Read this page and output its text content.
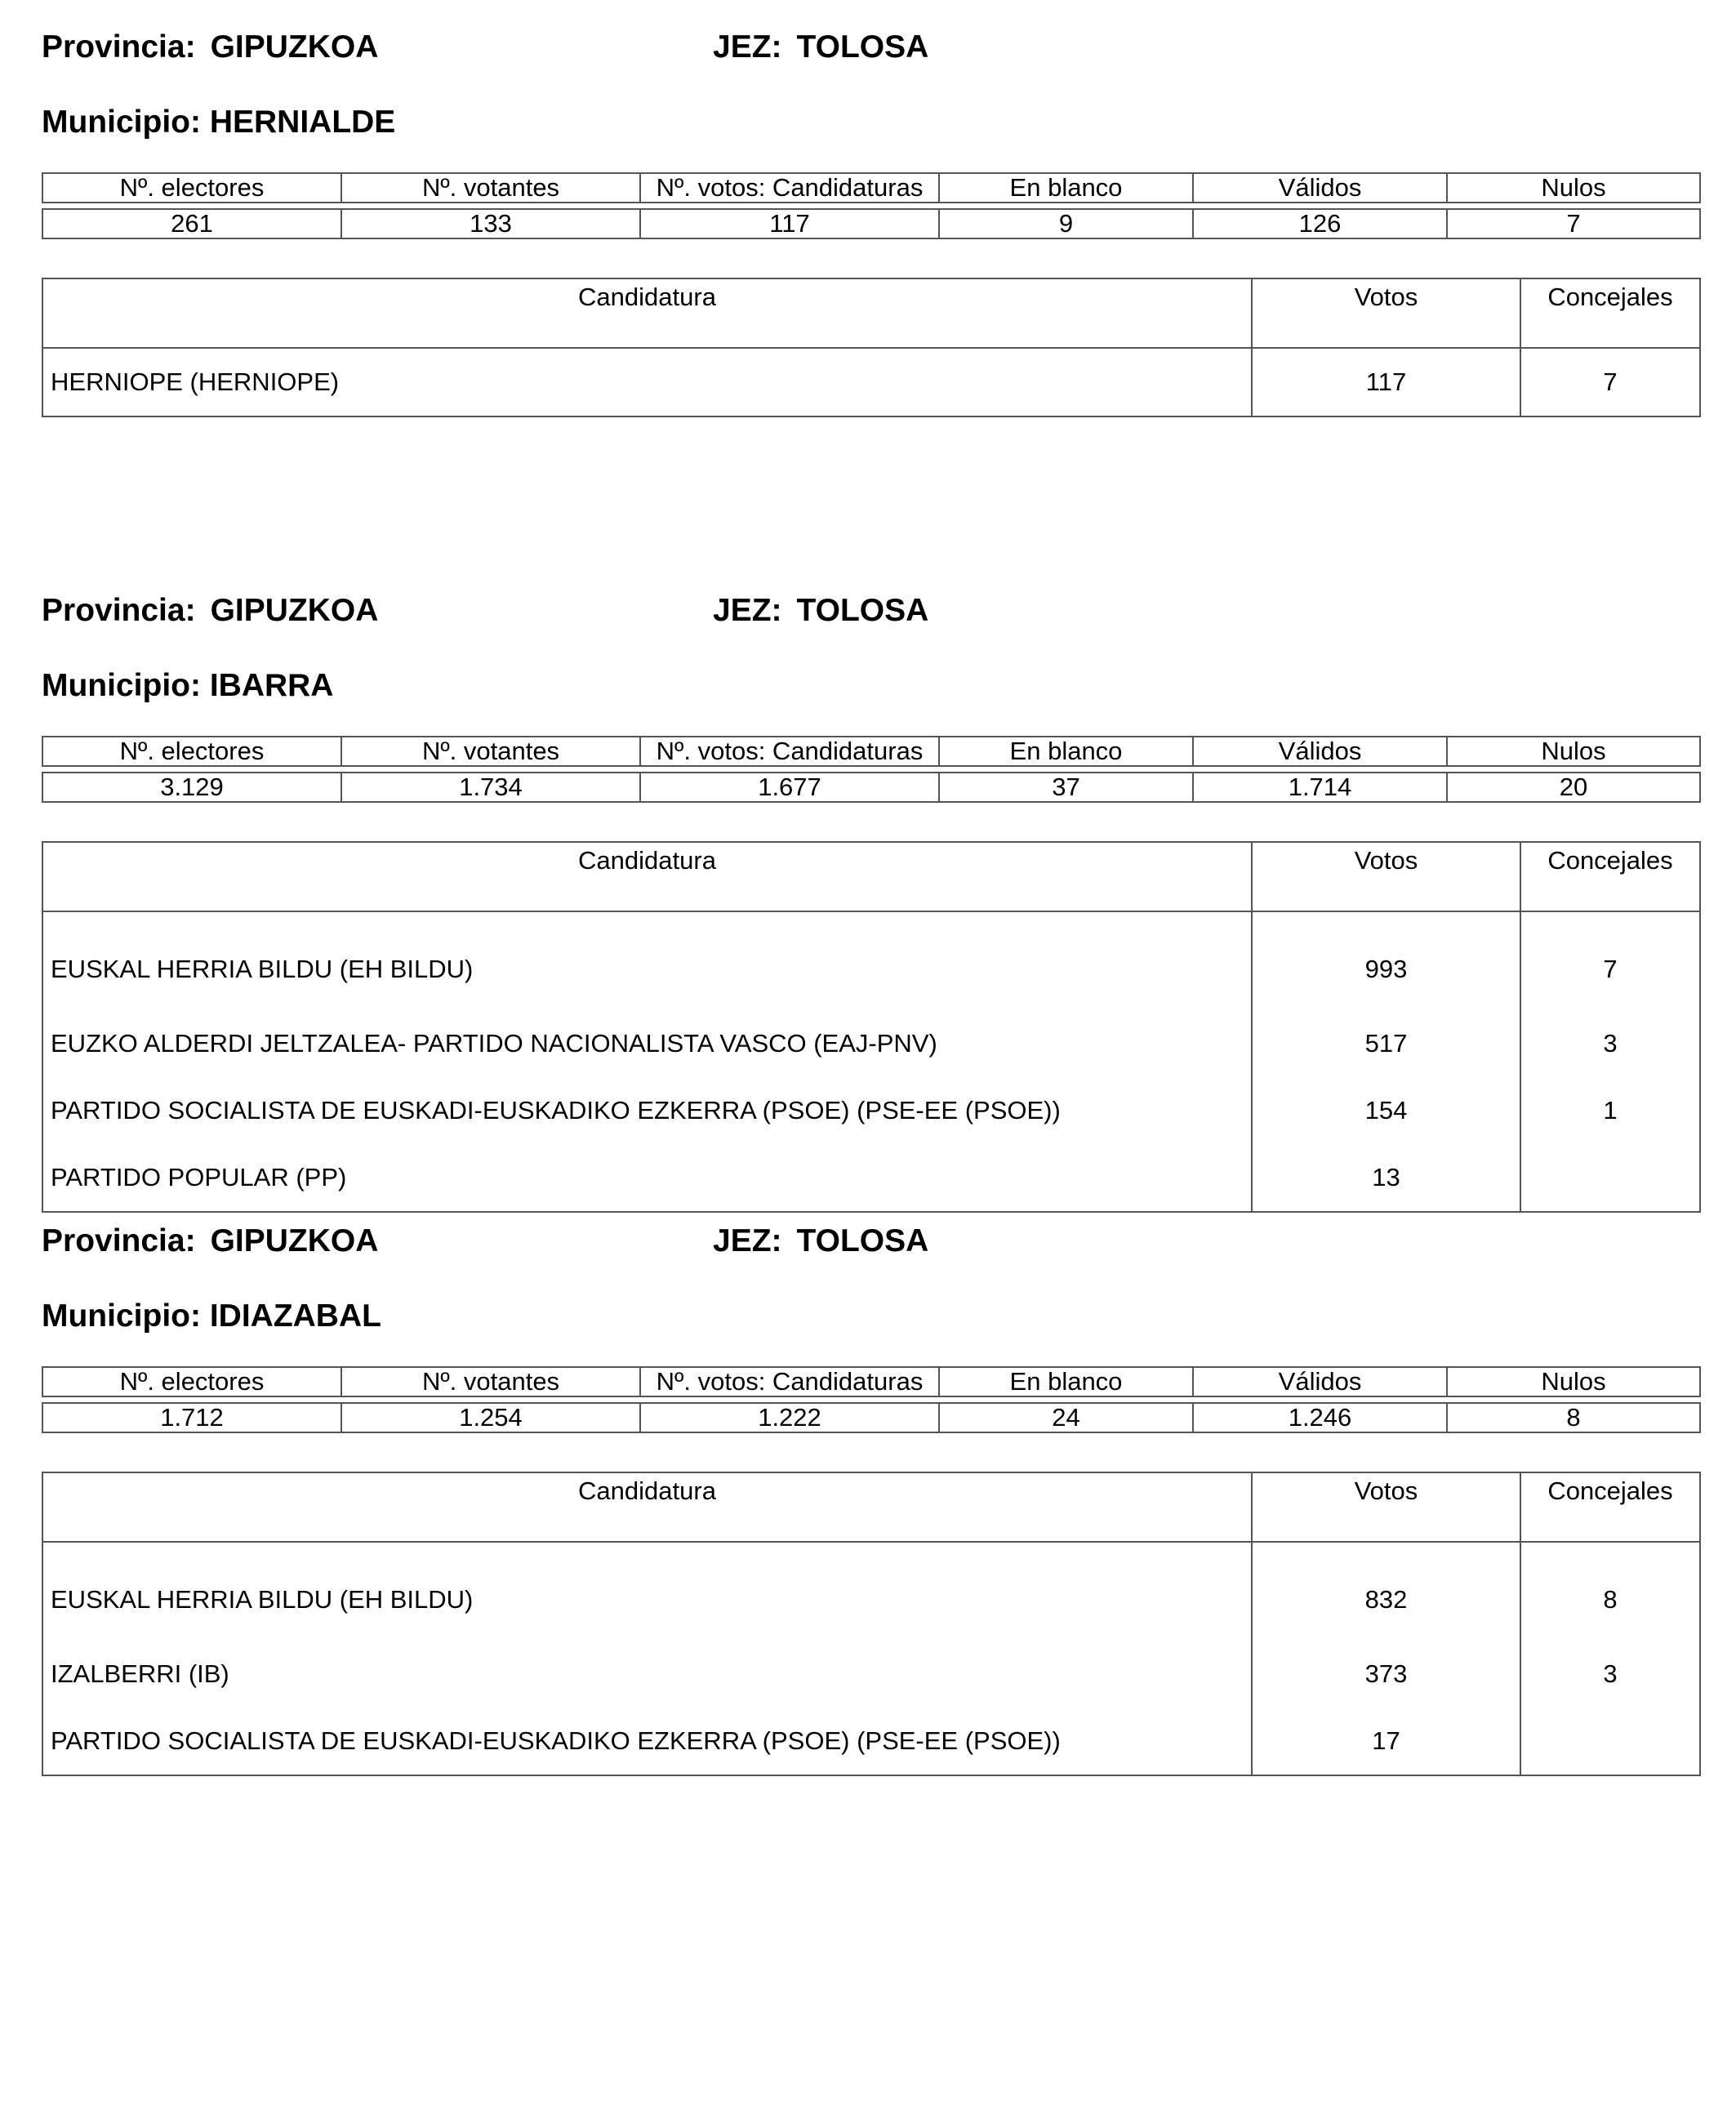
Provincia: GIPUZKOA	JEZ: TOLOSA
Municipio: HERNIALDE
Nº. electores	Nº. votantes	Nº. votos: Candidaturas	En blanco	Válidos	Nulos

261	133	117	9	126	7
Candidatura	Votos	Concejales
HERNIOPE (HERNIOPE)	117	7
Provincia: GIPUZKOA	JEZ: TOLOSA
Municipio: IBARRA
Nº. electores	Nº. votantes	Nº. votos: Candidaturas	En blanco	Válidos	Nulos

3.129	1.734	1.677	37	1.714	20
Candidatura	Votos	Concejales
EUSKAL HERRIA BILDU (EH BILDU)	993	7
EUZKO ALDERDI JELTZALEA- PARTIDO NACIONALISTA VASCO (EAJ-PNV)	517	3
PARTIDO SOCIALISTA DE EUSKADI-EUSKADIKO EZKERRA (PSOE) (PSE-EE (PSOE))	154	1
PARTIDO POPULAR (PP)	13	
Provincia: GIPUZKOA	JEZ: TOLOSA
Municipio: IDIAZABAL
Nº. electores	Nº. votantes	Nº. votos: Candidaturas	En blanco	Válidos	Nulos

1.712	1.254	1.222	24	1.246	8
Candidatura	Votos	Concejales
EUSKAL HERRIA BILDU (EH BILDU)	832	8
IZALBERRI (IB)	373	3
PARTIDO SOCIALISTA DE EUSKADI-EUSKADIKO EZKERRA (PSOE) (PSE-EE (PSOE))	17	
